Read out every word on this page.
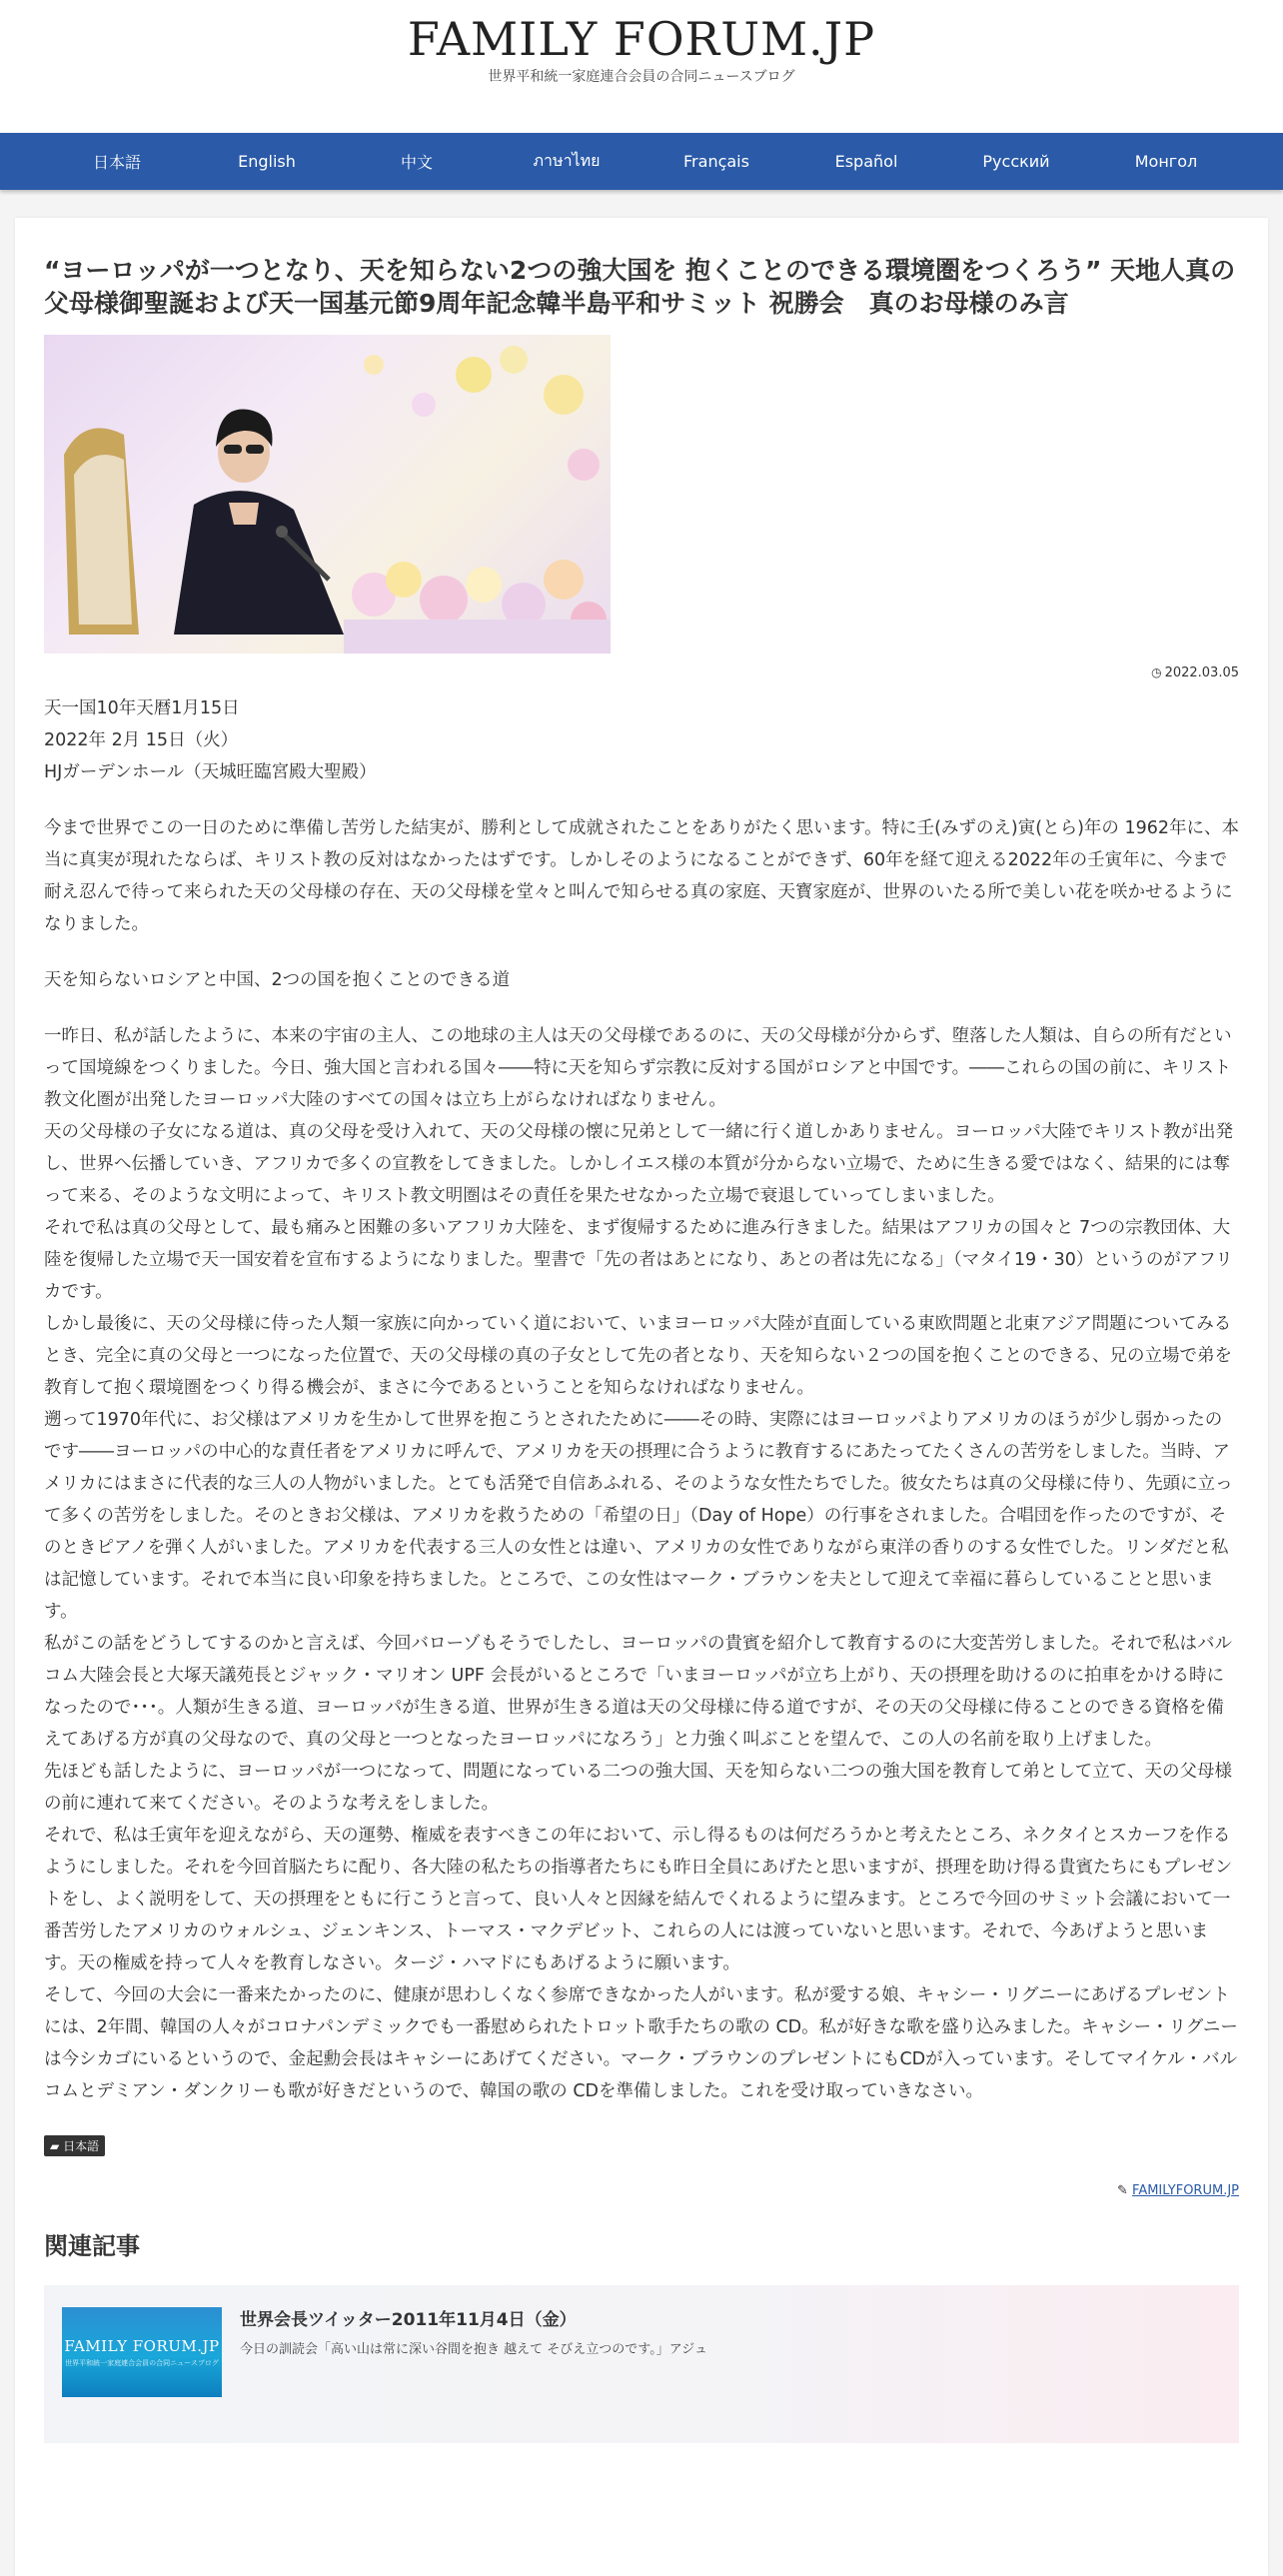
FAMILY FORUM.JP
世界平和統一家庭連合会員の合同ニュースブログ
日本語	English	中文	ภาษาไทย	Français	Español	Русский	Монгол
“ヨーロッパが一つとなり、天を知らない2つの強大国を 抱くことのできる環境圏をつくろう” 天地人真の父母様御聖誕および天一国基元節9周年記念韓半島平和サミット 祝勝会　真のお母様のみ言
◷ 2022.03.05

天一国10年天暦1月15日
2022年 2月 15日（火）
HJガーデンホール（天城旺臨宮殿大聖殿）

今まで世界でこの一日のために準備し苦労した結実が、勝利として成就されたことをありがたく思います。特に壬(みずのえ)寅(とら)年の 1962年に、本当に真実が現れたならば、キリスト教の反対はなかったはずです。しかしそのようになることができず、60年を経て迎える2022年の壬寅年に、今まで耐え忍んで待って来られた天の父母様の存在、天の父母様を堂々と叫んで知らせる真の家庭、天寳家庭が、世界のいたる所で美しい花を咲かせるようになりました。

天を知らないロシアと中国、2つの国を抱くことのできる道

一昨日、私が話したように、本来の宇宙の主人、この地球の主人は天の父母様であるのに、天の父母様が分からず、堕落した人類は、自らの所有だといって国境線をつくりました。今日、強大国と言われる国々――特に天を知らず宗教に反対する国がロシアと中国です。――これらの国の前に、キリスト教文化圏が出発したヨーロッパ大陸のすべての国々は立ち上がらなければなりません。

天の父母様の子女になる道は、真の父母を受け入れて、天の父母様の懐に兄弟として一緒に行く道しかありません。ヨーロッパ大陸でキリスト教が出発し、世界へ伝播していき、アフリカで多くの宣教をしてきました。しかしイエス様の本質が分からない立場で、ために生きる愛ではなく、結果的には奪って来る、そのような文明によって、キリスト教文明圏はその責任を果たせなかった立場で衰退していってしまいました。

それで私は真の父母として、最も痛みと困難の多いアフリカ大陸を、まず復帰するために進み行きました。結果はアフリカの国々と 7つの宗教団体、大陸を復帰した立場で天一国安着を宣布するようになりました。聖書で「先の者はあとになり、あとの者は先になる」（マタイ19・30）というのがアフリカです。

しかし最後に、天の父母様に侍った人類一家族に向かっていく道において、いまヨーロッパ大陸が直面している東欧問題と北東アジア問題についてみるとき、完全に真の父母と一つになった位置で、天の父母様の真の子女として先の者となり、天を知らない２つの国を抱くことのできる、兄の立場で弟を教育して抱く環境圏をつくり得る機会が、まさに今であるということを知らなければなりません。

遡って1970年代に、お父様はアメリカを生かして世界を抱こうとされたために――その時、実際にはヨーロッパよりアメリカのほうが少し弱かったのです――ヨーロッパの中心的な責任者をアメリカに呼んで、アメリカを天の摂理に合うように教育するにあたってたくさんの苦労をしました。当時、アメリカにはまさに代表的な三人の人物がいました。とても活発で自信あふれる、そのような女性たちでした。彼女たちは真の父母様に侍り、先頭に立って多くの苦労をしました。そのときお父様は、アメリカを救うための「希望の日」（Day of Hope）の行事をされました。合唱団を作ったのですが、そのときピアノを弾く人がいました。アメリカを代表する三人の女性とは違い、アメリカの女性でありながら東洋の香りのする女性でした。リンダだと私は記憶しています。それで本当に良い印象を持ちました。ところで、この女性はマーク・ブラウンを夫として迎えて幸福に暮らしていることと思います。

私がこの話をどうしてするのかと言えば、今回バローゾもそうでしたし、ヨーロッパの貴賓を紹介して教育するのに大変苦労しました。それで私はバルコム大陸会長と大塚天議苑長とジャック・マリオン UPF 会長がいるところで「いまヨーロッパが立ち上がり、天の摂理を助けるのに拍車をかける時になったので･･･。人類が生きる道、ヨーロッパが生きる道、世界が生きる道は天の父母様に侍る道ですが、その天の父母様に侍ることのできる資格を備えてあげる方が真の父母なので、真の父母と一つとなったヨーロッパになろう」と力強く叫ぶことを望んで、この人の名前を取り上げました。

先ほども話したように、ヨーロッパが一つになって、問題になっている二つの強大国、天を知らない二つの強大国を教育して弟として立て、天の父母様の前に連れて来てください。そのような考えをしました。

それで、私は壬寅年を迎えながら、天の運勢、権威を表すべきこの年において、示し得るものは何だろうかと考えたところ、ネクタイとスカーフを作るようにしました。それを今回首脳たちに配り、各大陸の私たちの指導者たちにも昨日全員にあげたと思いますが、摂理を助け得る貴賓たちにもプレゼントをし、よく説明をして、天の摂理をともに行こうと言って、良い人々と因縁を結んでくれるように望みます。ところで今回のサミット会議において一番苦労したアメリカのウォルシュ、ジェンキンス、トーマス・マクデビット、これらの人には渡っていないと思います。それで、今あげようと思います。天の権威を持って人々を教育しなさい。タージ・ハマドにもあげるように願います。

そして、今回の大会に一番来たかったのに、健康が思わしくなく参席できなかった人がいます。私が愛する娘、キャシー・リグニーにあげるプレゼントには、2年間、韓国の人々がコロナパンデミックでも一番慰められたトロット歌手たちの歌の CD。私が好きな歌を盛り込みました。キャシー・リグニーは今シカゴにいるというので、金起勳会長はキャシーにあげてください。マーク・ブラウンのプレゼントにもCDが入っています。そしてマイケル・バルコムとデミアン・ダンクリーも歌が好きだというので、韓国の歌の CDを準備しました。これを受け取っていきなさい。

▰ 日本語
✎ FAMILYFORUM.JP
関連記事
FAMILY FORUM.JP
世界平和統一家庭連合会員の合同ニュースブログ
世界会長ツイッター2011年11月4日（金）
今日の訓読会「高い山は常に深い谷間を抱き 越えて そびえ立つのです。」アジュ
